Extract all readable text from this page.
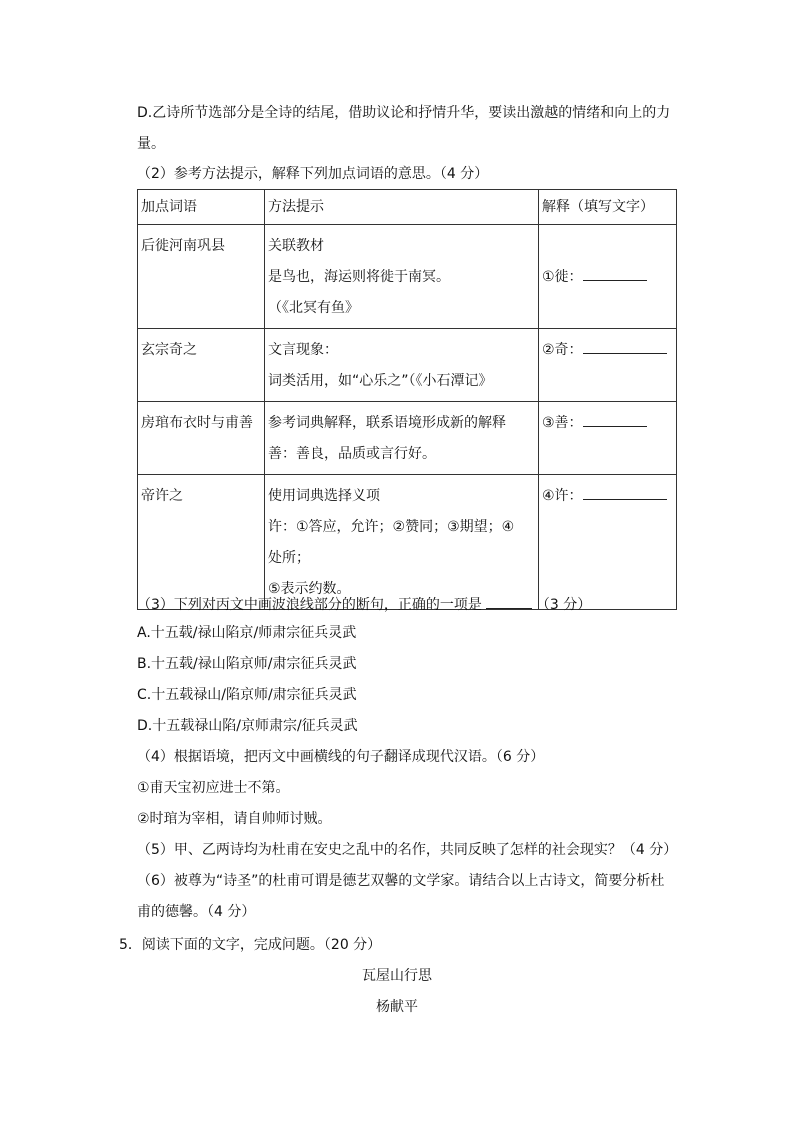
D.乙诗所节选部分是全诗的结尾，借助议论和抒情升华，要读出激越的情绪和向上的力
量。
（2）参考方法提示，解释下列加点词语的意思。（4 分）
加点词语	方法提示	解释（填写文字）
后徙河南巩县	关联教材
是鸟也，海运则将徙于南冥。
（《北冥有鱼》	①徙：
玄宗奇之	文言现象：
词类活用，如“心乐之”（《小石潭记》	②奇：
房琯布衣时与甫善	参考词典解释，联系语境形成新的解释
善：善良，品质或言行好。	③善：
帝许之	使用词典选择义项
许：①答应，允许；②赞同；③期望；④
处所；
⑤表示约数。	④许：
（3）下列对丙文中画波浪线部分的断句，正确的一项是	（3 分）
A.十五载/禄山陷京/师肃宗征兵灵武
B.十五载/禄山陷京师/肃宗征兵灵武
C.十五载禄山/陷京师/肃宗征兵灵武
D.十五载禄山陷/京师肃宗/征兵灵武
（4）根据语境，把丙文中画横线的句子翻译成现代汉语。（6 分）
①甫天宝初应进士不第。
②时琯为宰相，请自帅师讨贼。
（5）甲、乙两诗均为杜甫在安史之乱中的名作，共同反映了怎样的社会现实？（4 分）
（6）被尊为“诗圣”的杜甫可谓是德艺双馨的文学家。请结合以上古诗文，简要分析杜
甫的德馨。（4 分）
5．阅读下面的文字，完成问题。（20 分）
瓦屋山行思
杨献平
